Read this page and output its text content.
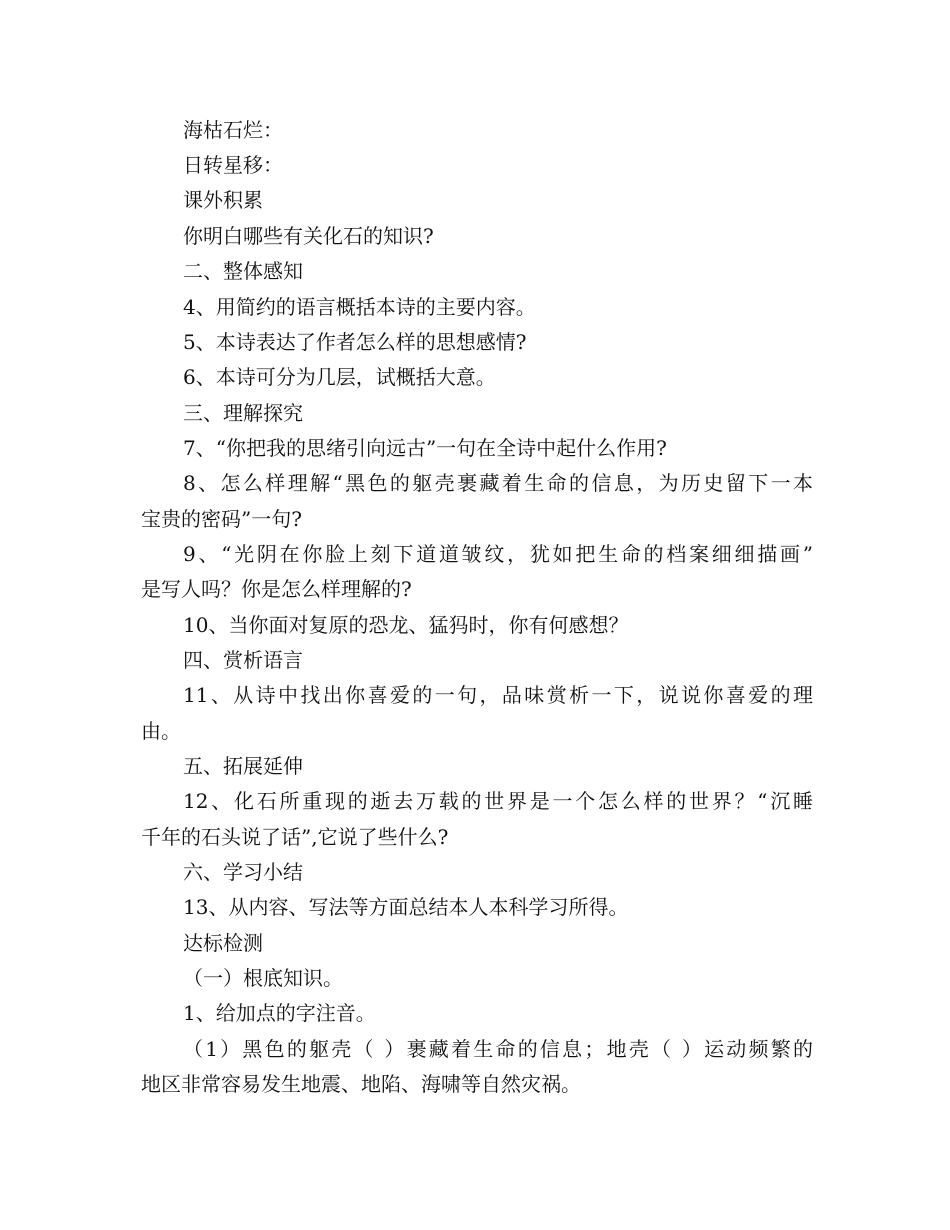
海枯石烂：
日转星移：
课外积累
你明白哪些有关化石的知识?
二、整体感知
4、用简约的语言概括本诗的主要内容。
5、本诗表达了作者怎么样的思想感情?
6、本诗可分为几层，试概括大意。
三、理解探究
7、“你把我的思绪引向远古”一句在全诗中起什么作用?
8、怎么样理解“黑色的躯壳裹藏着生命的信息，为历史留下一本
宝贵的密码”一句?
9、“光阴在你脸上刻下道道皱纹，犹如把生命的档案细细描画”
是写人吗？你是怎么样理解的?
10、当你面对复原的恐龙、猛犸时，你有何感想？
四、赏析语言
11、从诗中找出你喜爱的一句，品味赏析一下，说说你喜爱的理
由。
五、拓展延伸
12、化石所重现的逝去万载的世界是一个怎么样的世界？“沉睡
千年的石头说了话”,它说了些什么?
六、学习小结
13、从内容、写法等方面总结本人本科学习所得。
达标检测
（一）根底知识。
1、给加点的字注音。
（1）黑色的躯壳（ ）裹藏着生命的信息；地壳（ ）运动频繁的
地区非常容易发生地震、地陷、海啸等自然灾祸。
